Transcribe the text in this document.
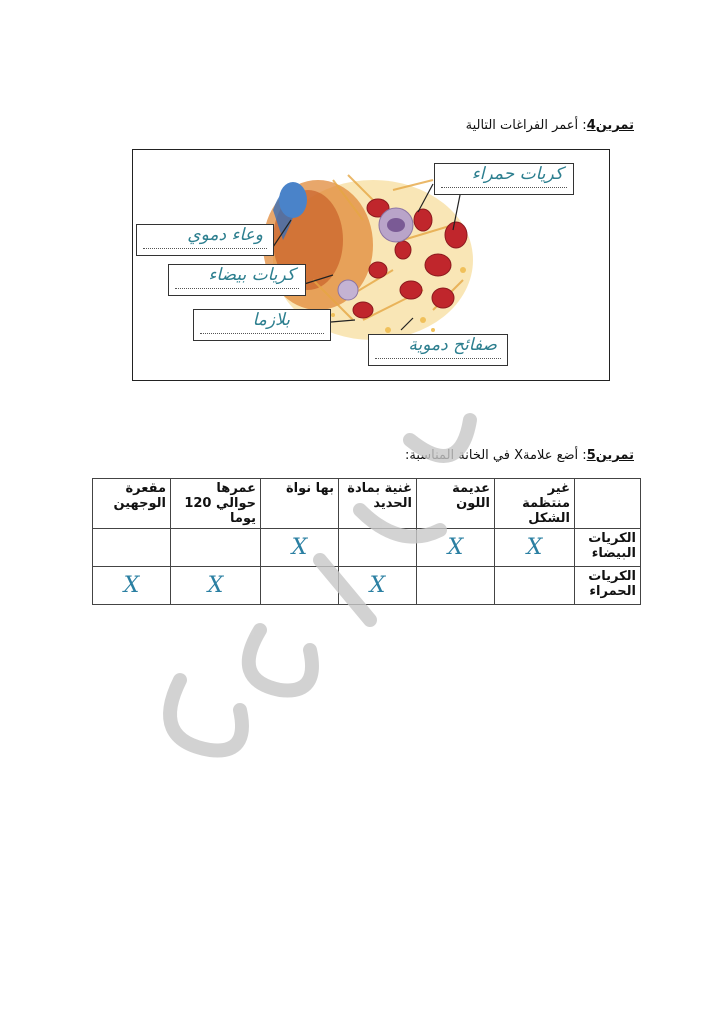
تمرين4: أعمر الفراغات التالية
كريات حمراء
وعاء دموي
كريات بيضاء
بلازما
صفائح دموية
تمرين5: أضع علامةX في الخانة المناسبة:
	غير منتظمة الشكل	عديمة اللون	غنية بمادة الحديد	بها نواة	عمرها حوالي 120 يوما	مقعرة الوجهين
الكريات البيضاء	X	X		X		
الكريات الحمراء			X		X	X
